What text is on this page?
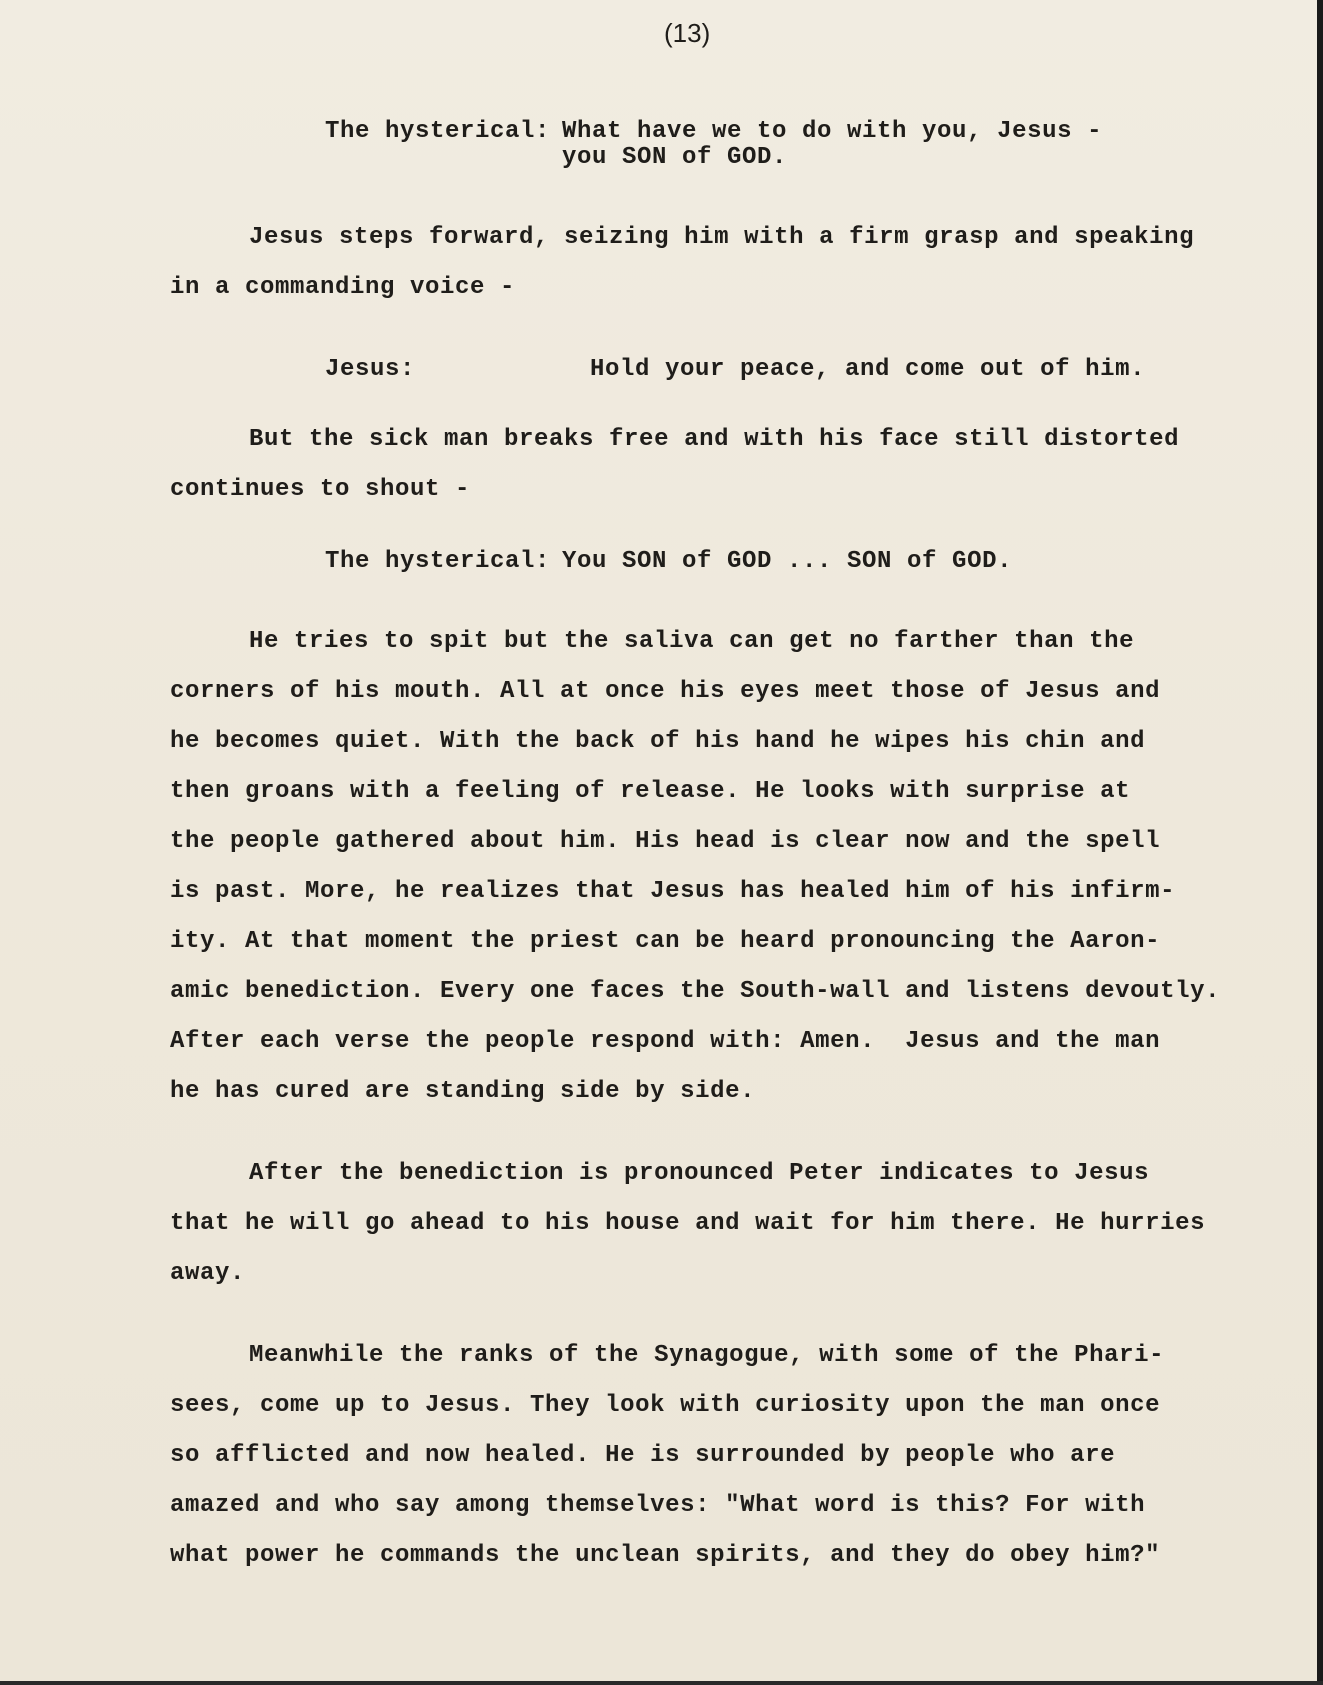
(13)
The hysterical: What have we to do with you, Jesus -
you SON of GOD.
Jesus steps forward, seizing him with a firm grasp and speaking
in a commanding voice -
Jesus:	Hold your peace, and come out of him.
But the sick man breaks free and with his face still distorted
continues to shout -
The hysterical: You SON of GOD ... SON of GOD.
He tries to spit but the saliva can get no farther than the
corners of his mouth. All at once his eyes meet those of Jesus and
he becomes quiet. With the back of his hand he wipes his chin and
then groans with a feeling of release. He looks with surprise at
the people gathered about him. His head is clear now and the spell
is past. More, he realizes that Jesus has healed him of his infirm-
ity. At that moment the priest can be heard pronouncing the Aaron-
amic benediction. Every one faces the South-wall and listens devoutly.
After each verse the people respond with: Amen.  Jesus and the man
he has cured are standing side by side.
After the benediction is pronounced Peter indicates to Jesus
that he will go ahead to his house and wait for him there. He hurries
away.
Meanwhile the ranks of the Synagogue, with some of the Phari-
sees, come up to Jesus. They look with curiosity upon the man once
so afflicted and now healed. He is surrounded by people who are
amazed and who say among themselves: "What word is this? For with
what power he commands the unclean spirits, and they do obey him?"
